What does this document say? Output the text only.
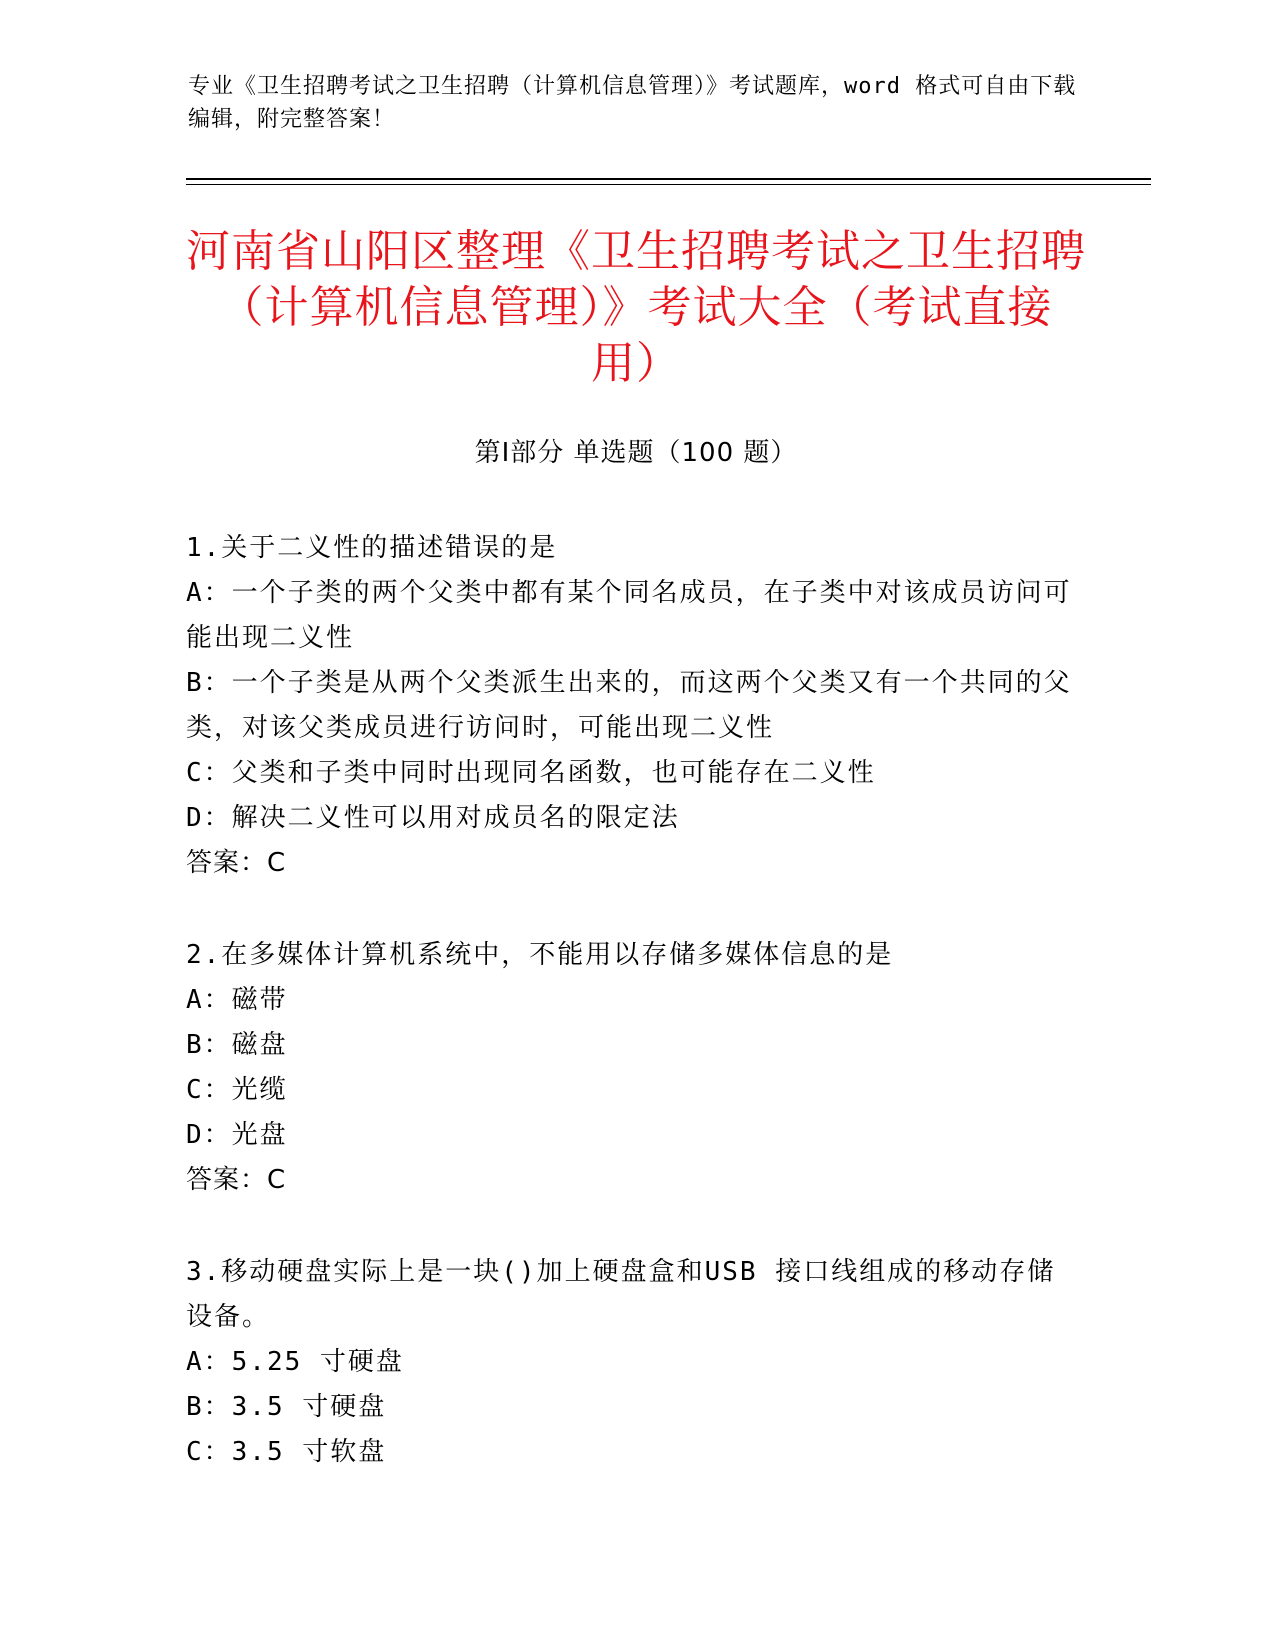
专业《卫生招聘考试之卫生招聘（计算机信息管理）》考试题库，word 格式可自由下载编辑，附完整答案！
河南省山阳区整理《卫生招聘考试之卫生招聘（计算机信息管理）》考试大全（考试直接用）
第Ⅰ部分 单选题（100 题）
1.关于二义性的描述错误的是
A：一个子类的两个父类中都有某个同名成员，在子类中对该成员访问可能出现二义性
B：一个子类是从两个父类派生出来的，而这两个父类又有一个共同的父类，对该父类成员进行访问时，可能出现二义性
C：父类和子类中同时出现同名函数，也可能存在二义性
D：解决二义性可以用对成员名的限定法
答案：C
2.在多媒体计算机系统中，不能用以存储多媒体信息的是
A：磁带
B：磁盘
C：光缆
D：光盘
答案：C
3.移动硬盘实际上是一块()加上硬盘盒和USB 接口线组成的移动存储设备。
A：5.25 寸硬盘
B：3.5 寸硬盘
C：3.5 寸软盘
